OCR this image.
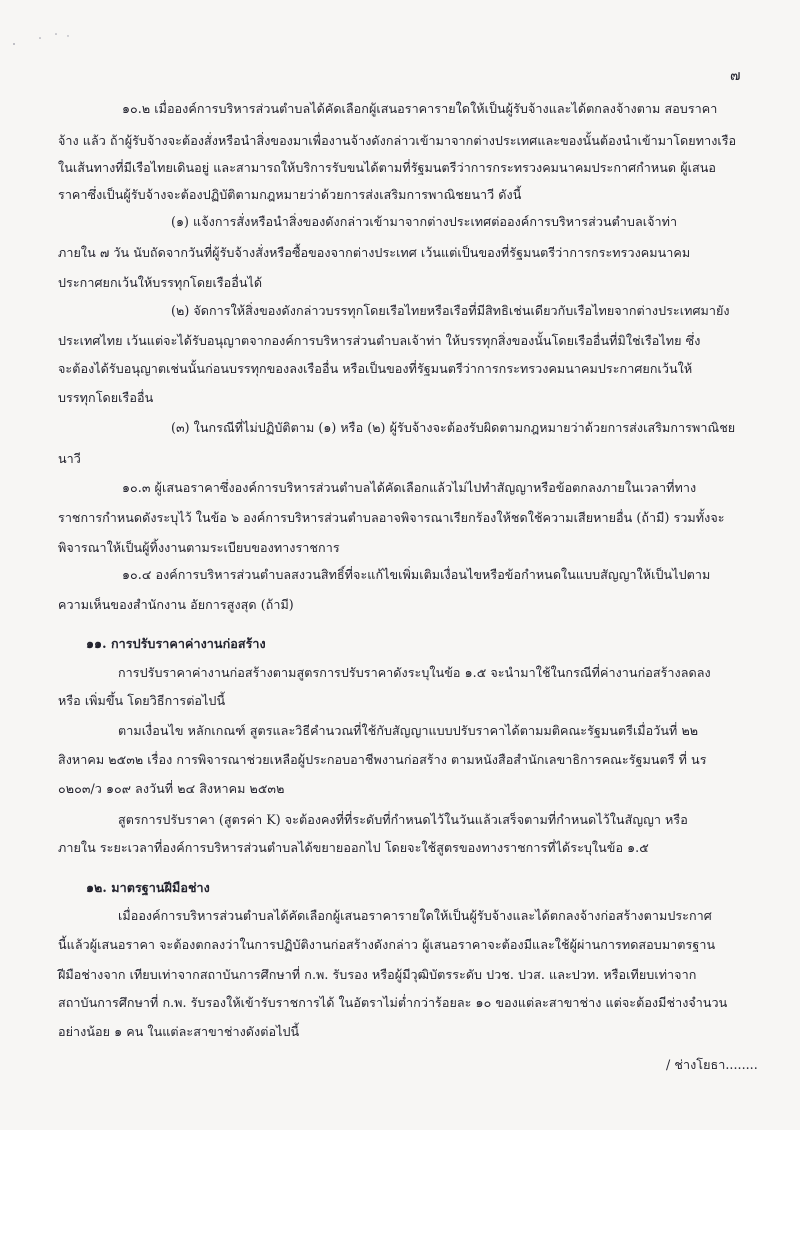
๗
๑๐.๒ เมื่อองค์การบริหารส่วนตำบลได้คัดเลือกผู้เสนอราคารายใดให้เป็นผู้รับจ้างและได้ตกลงจ้างตาม สอบราคา
จ้าง แล้ว ถ้าผู้รับจ้างจะต้องสั่งหรือนำสิ่งของมาเพื่องานจ้างดังกล่าวเข้ามาจากต่างประเทศและของนั้นต้องนำเข้ามาโดยทางเรือ
ในเส้นทางที่มีเรือไทยเดินอยู่ และสามารถให้บริการรับขนได้ตามที่รัฐมนตรีว่าการกระทรวงคมนาคมประกาศกำหนด ผู้เสนอ
ราคาซึ่งเป็นผู้รับจ้างจะต้องปฏิบัติตามกฎหมายว่าด้วยการส่งเสริมการพาณิชยนาวี ดังนี้
(๑) แจ้งการสั่งหรือนำสิ่งของดังกล่าวเข้ามาจากต่างประเทศต่อองค์การบริหารส่วนตำบลเจ้าท่า
ภายใน ๗ วัน นับถัดจากวันที่ผู้รับจ้างสั่งหรือซื้อของจากต่างประเทศ เว้นแต่เป็นของที่รัฐมนตรีว่าการกระทรวงคมนาคม
ประกาศยกเว้นให้บรรทุกโดยเรืออื่นได้
(๒) จัดการให้สิ่งของดังกล่าวบรรทุกโดยเรือไทยหรือเรือที่มีสิทธิเช่นเดียวกับเรือไทยจากต่างประเทศมายัง
ประเทศไทย เว้นแต่จะได้รับอนุญาตจากองค์การบริหารส่วนตำบลเจ้าท่า ให้บรรทุกสิ่งของนั้นโดยเรืออื่นที่มิใช่เรือไทย ซึ่ง
จะต้องได้รับอนุญาตเช่นนั้นก่อนบรรทุกของลงเรืออื่น หรือเป็นของที่รัฐมนตรีว่าการกระทรวงคมนาคมประกาศยกเว้นให้
บรรทุกโดยเรืออื่น
(๓) ในกรณีที่ไม่ปฏิบัติตาม (๑) หรือ (๒) ผู้รับจ้างจะต้องรับผิดตามกฎหมายว่าด้วยการส่งเสริมการพาณิชย
นาวี
๑๐.๓ ผู้เสนอราคาซึ่งองค์การบริหารส่วนตำบลได้คัดเลือกแล้วไม่ไปทำสัญญาหรือข้อตกลงภายในเวลาที่ทาง
ราชการกำหนดดังระบุไว้ ในข้อ ๖ องค์การบริหารส่วนตำบลอาจพิจารณาเรียกร้องให้ชดใช้ความเสียหายอื่น (ถ้ามี) รวมทั้งจะ
พิจารณาให้เป็นผู้ทิ้งงานตามระเบียบของทางราชการ
๑๐.๔ องค์การบริหารส่วนตำบลสงวนสิทธิ์ที่จะแก้ไขเพิ่มเติมเงื่อนไขหรือข้อกำหนดในแบบสัญญาให้เป็นไปตาม
ความเห็นของสำนักงาน อัยการสูงสุด (ถ้ามี)
๑๑. การปรับราคาค่างานก่อสร้าง
การปรับราคาค่างานก่อสร้างตามสูตรการปรับราคาดังระบุในข้อ ๑.๕ จะนำมาใช้ในกรณีที่ค่างานก่อสร้างลดลง
หรือ เพิ่มขึ้น โดยวิธีการต่อไปนี้
ตามเงื่อนไข หลักเกณฑ์ สูตรและวิธีคำนวณที่ใช้กับสัญญาแบบปรับราคาได้ตามมติคณะรัฐมนตรีเมื่อวันที่ ๒๒
สิงหาคม ๒๕๓๒ เรื่อง การพิจารณาช่วยเหลือผู้ประกอบอาชีพงานก่อสร้าง ตามหนังสือสำนักเลขาธิการคณะรัฐมนตรี ที่ นร
๐๒๐๓/ว ๑๐๙ ลงวันที่ ๒๔ สิงหาคม ๒๕๓๒
สูตรการปรับราคา (สูตรค่า K) จะต้องคงที่ที่ระดับที่กำหนดไว้ในวันแล้วเสร็จตามที่กำหนดไว้ในสัญญา หรือ
ภายใน ระยะเวลาที่องค์การบริหารส่วนตำบลได้ขยายออกไป โดยจะใช้สูตรของทางราชการที่ได้ระบุในข้อ ๑.๕
๑๒. มาตรฐานฝีมือช่าง
เมื่อองค์การบริหารส่วนตำบลได้คัดเลือกผู้เสนอราคารายใดให้เป็นผู้รับจ้างและได้ตกลงจ้างก่อสร้างตามประกาศ
นี้แล้วผู้เสนอราคา จะต้องตกลงว่าในการปฏิบัติงานก่อสร้างดังกล่าว ผู้เสนอราคาจะต้องมีและใช้ผู้ผ่านการทดสอบมาตรฐาน
ฝีมือช่างจาก เทียบเท่าจากสถาบันการศึกษาที่ ก.พ. รับรอง หรือผู้มีวุฒิบัตรระดับ ปวช. ปวส. และปวท. หรือเทียบเท่าจาก
สถาบันการศึกษาที่ ก.พ. รับรองให้เข้ารับราชการได้ ในอัตราไม่ต่ำกว่าร้อยละ ๑๐ ของแต่ละสาขาช่าง แต่จะต้องมีช่างจำนวน
อย่างน้อย ๑ คน ในแต่ละสาขาช่างดังต่อไปนี้
/ ช่างโยธา........
